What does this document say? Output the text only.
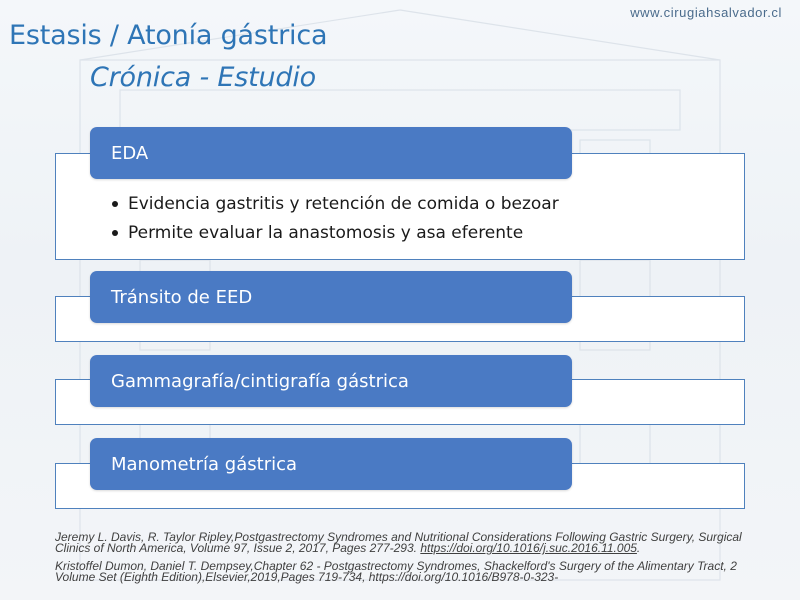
www.cirugiahsalvador.cl
Estasis / Atonía gástrica
Crónica - Estudio
EDA
Evidencia gastritis y retención de comida o bezoar
Permite evaluar la anastomosis y asa eferente
Tránsito de EED
Gammagrafía/cintigrafía gástrica
Manometría gástrica

Jeremy L. Davis, R. Taylor Ripley,Postgastrectomy Syndromes and Nutritional Considerations Following Gastric Surgery, Surgical Clinics of North America, Volume 97, Issue 2, 2017, Pages 277-293. https://doi.org/10.1016/j.suc.2016.11.005.

Kristoffel Dumon, Daniel T. Dempsey,Chapter 62 - Postgastrectomy Syndromes, Shackelford's Surgery of the Alimentary Tract, 2 Volume Set (Eighth Edition),Elsevier,2019,Pages 719-734, https://doi.org/10.1016/B978-0-323-
